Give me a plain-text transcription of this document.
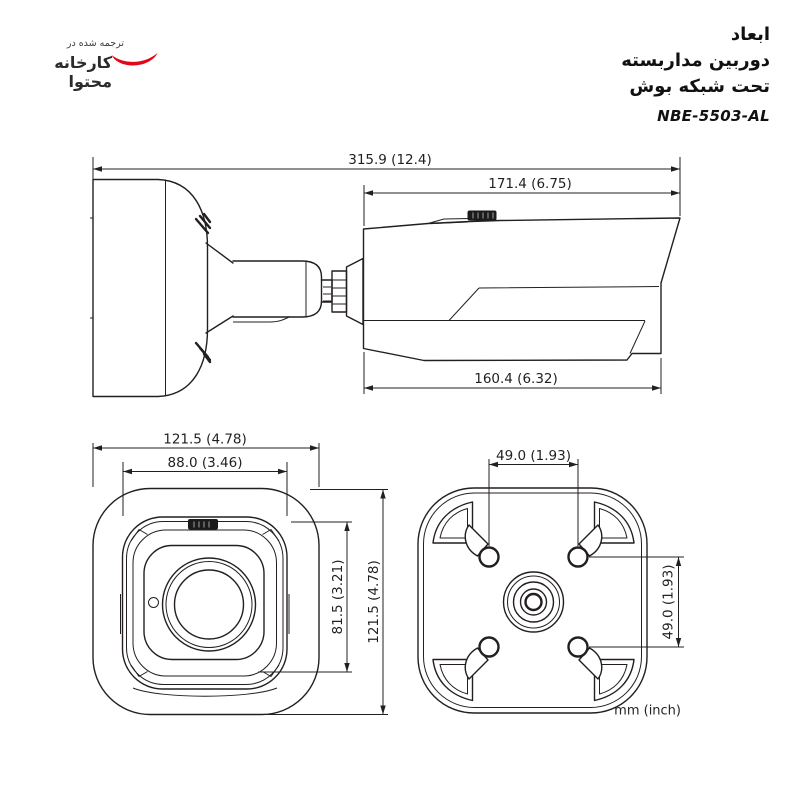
ترجمه شده در
کارخانه محتوا
ابعاد
دوربین مداربسته
تحت شبکه بوش
NBE-5503-AL
315.9 (12.4)
171.4 (6.75)
160.4 (6.32)
121.5 (4.78)
88.0 (3.46)
81.5 (3.21) 121.5 (4.78)
49.0 (1.93)
49.0 (1.93)
mm (inch)
